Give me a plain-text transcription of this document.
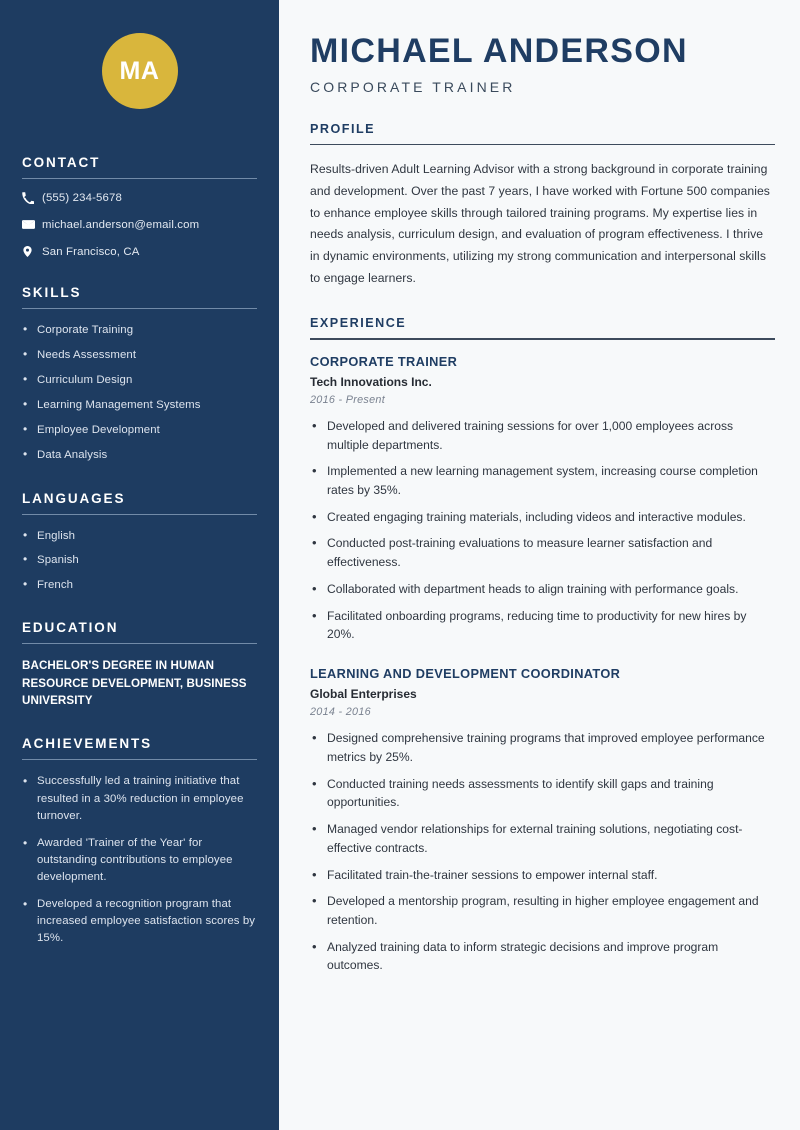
MA
CONTACT
(555) 234-5678
michael.anderson@email.com
San Francisco, CA
SKILLS
• Corporate Training
• Needs Assessment
• Curriculum Design
• Learning Management Systems
• Employee Development
• Data Analysis
LANGUAGES
• English
• Spanish
• French
EDUCATION
BACHELOR'S DEGREE IN HUMAN RESOURCE DEVELOPMENT, BUSINESS UNIVERSITY
ACHIEVEMENTS
• Successfully led a training initiative that resulted in a 30% reduction in employee turnover.
• Awarded 'Trainer of the Year' for outstanding contributions to employee development.
• Developed a recognition program that increased employee satisfaction scores by 15%.
MICHAEL ANDERSON
CORPORATE TRAINER
PROFILE

Results-driven Adult Learning Advisor with a strong background in corporate training and development. Over the past 7 years, I have worked with Fortune 500 companies to enhance employee skills through tailored training programs. My expertise lies in needs analysis, curriculum design, and evaluation of program effectiveness. I thrive in dynamic environments, utilizing my strong communication and interpersonal skills to engage learners.

EXPERIENCE
CORPORATE TRAINER
Tech Innovations Inc.
2016 - Present
• Developed and delivered training sessions for over 1,000 employees across multiple departments.
• Implemented a new learning management system, increasing course completion rates by 35%.
• Created engaging training materials, including videos and interactive modules.
• Conducted post-training evaluations to measure learner satisfaction and effectiveness.
• Collaborated with department heads to align training with performance goals.
• Facilitated onboarding programs, reducing time to productivity for new hires by 20%.
LEARNING AND DEVELOPMENT COORDINATOR
Global Enterprises
2014 - 2016
• Designed comprehensive training programs that improved employee performance metrics by 25%.
• Conducted training needs assessments to identify skill gaps and training opportunities.
• Managed vendor relationships for external training solutions, negotiating cost-effective contracts.
• Facilitated train-the-trainer sessions to empower internal staff.
• Developed a mentorship program, resulting in higher employee engagement and retention.
• Analyzed training data to inform strategic decisions and improve program outcomes.
